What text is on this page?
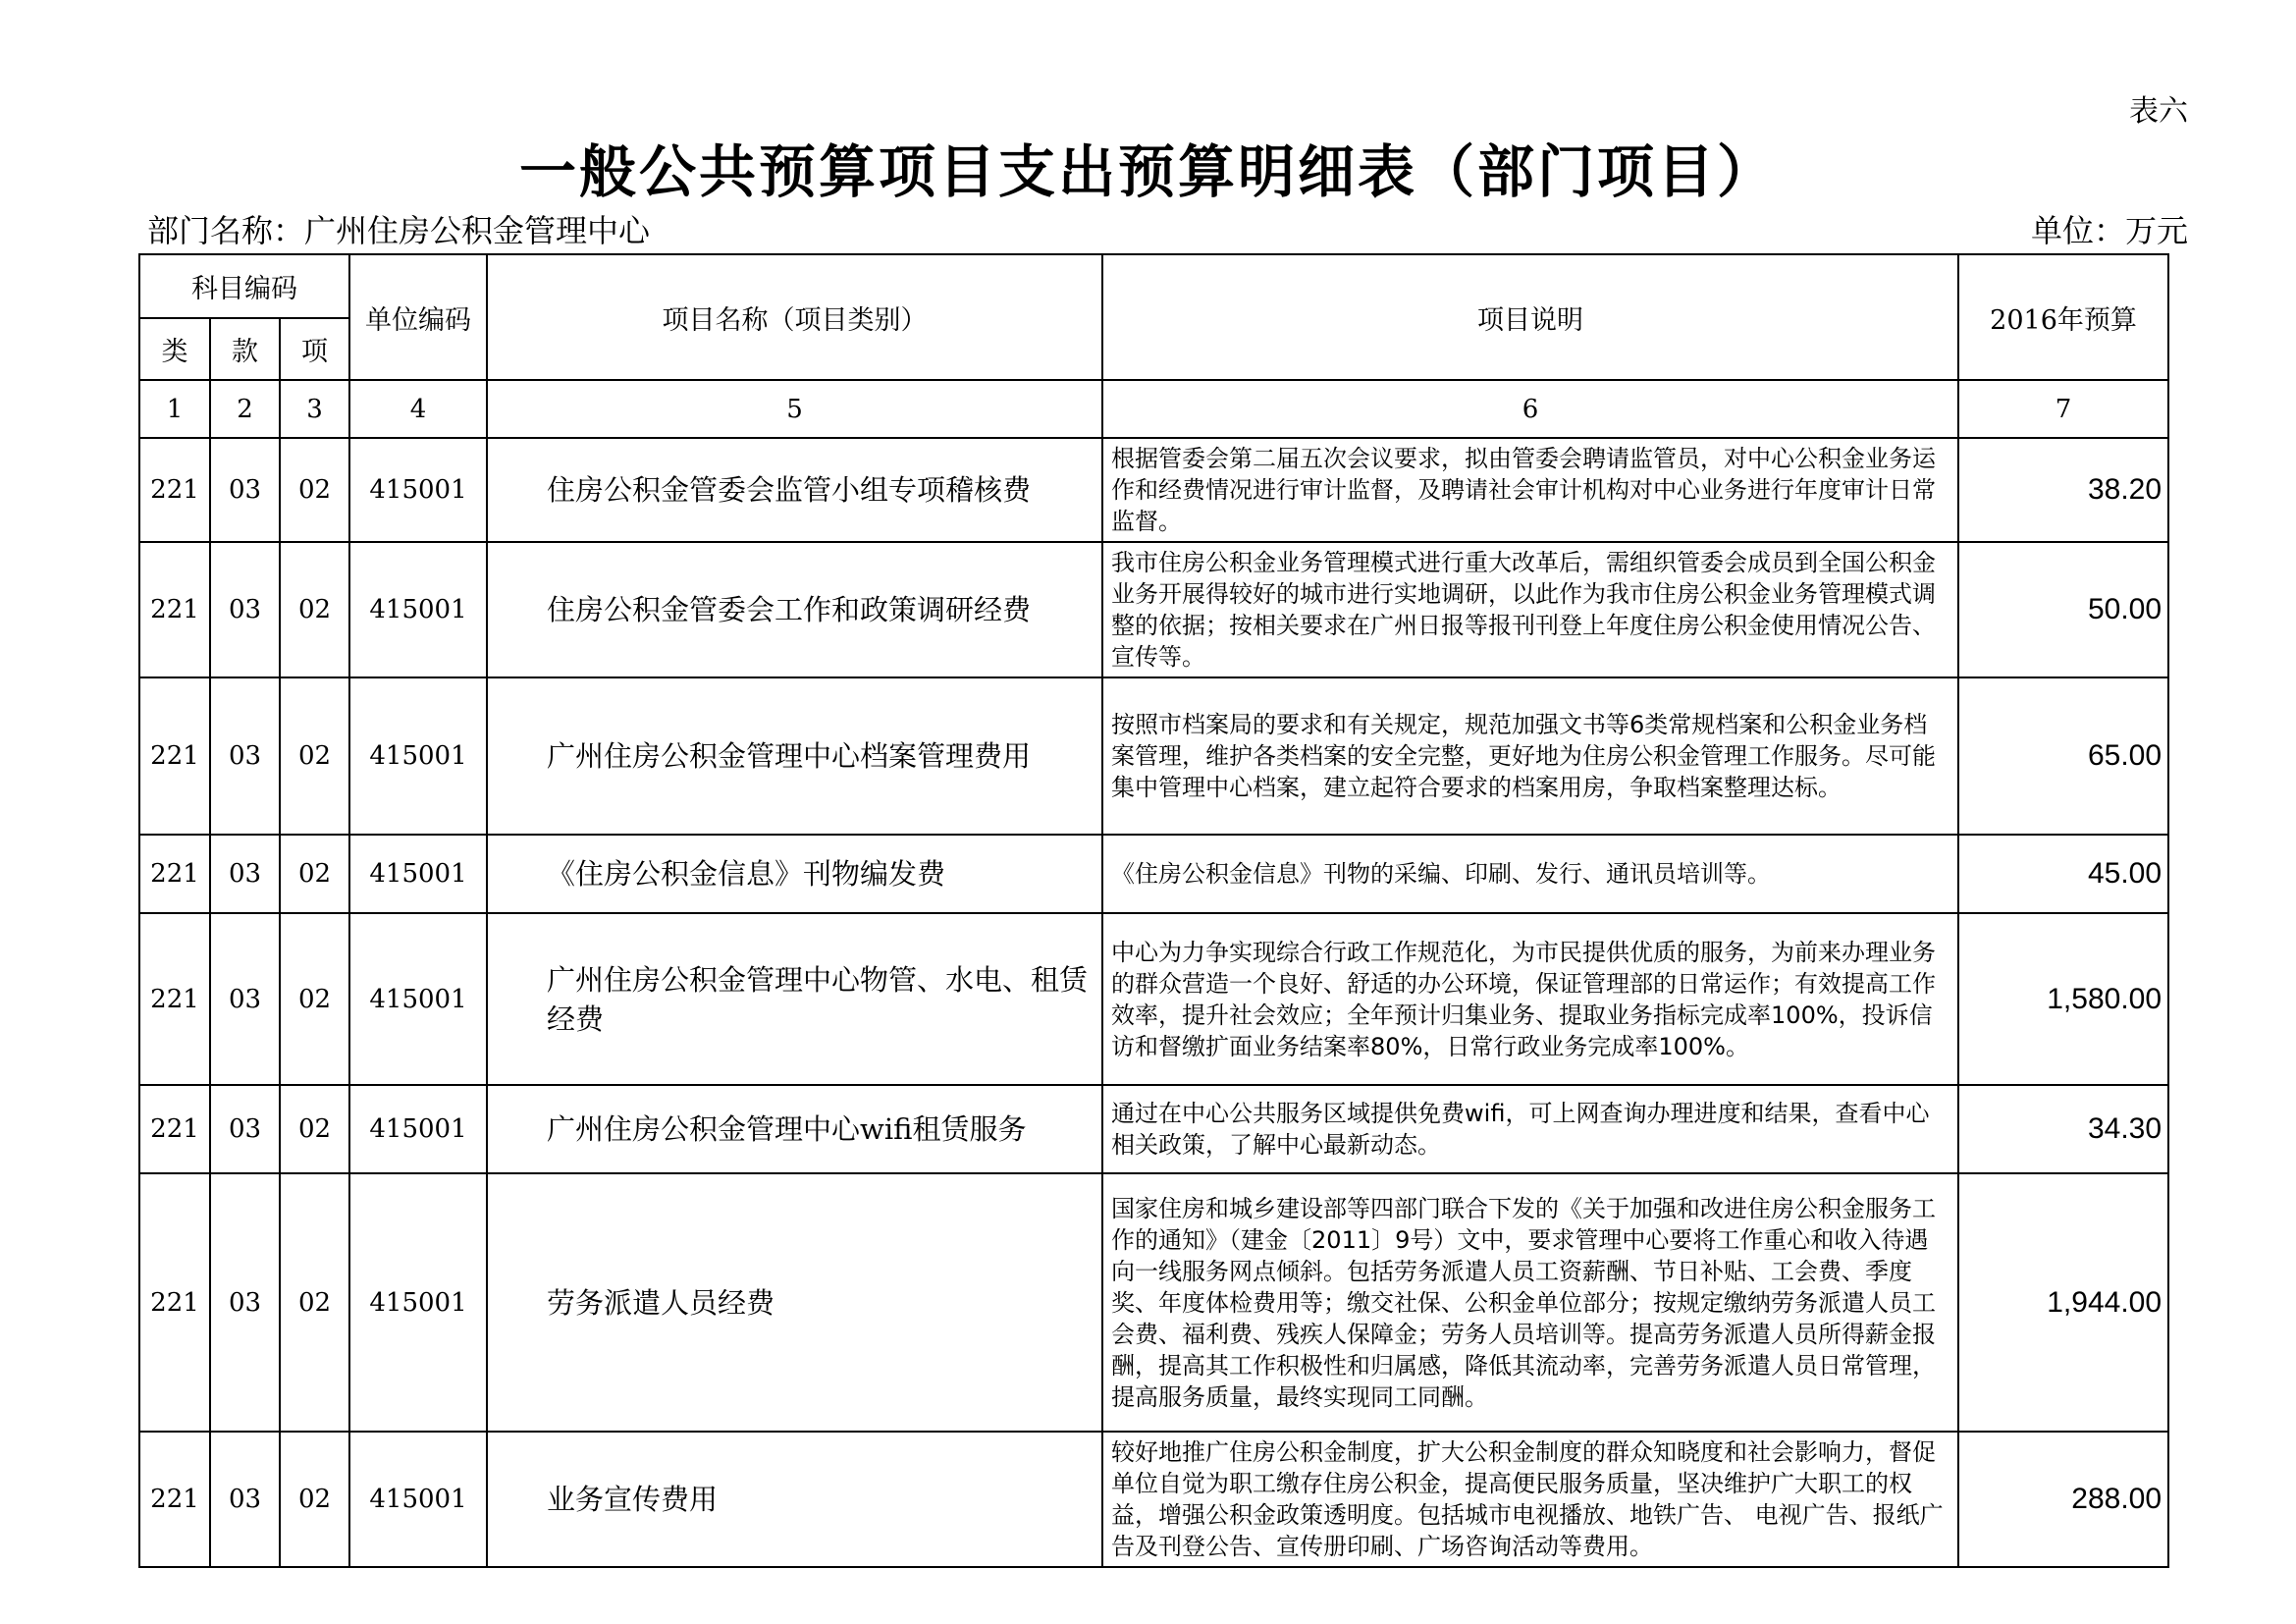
表六
一般公共预算项目支出预算明细表（部门项目）
部门名称：广州住房公积金管理中心	单位：万元
科目编码			单位编码	项目名称（项目类别）	项目说明	2016年预算
类	款	项				
1	2	3	4	5	6	7
221	03	02	415001	住房公积金管委会监管小组专项稽核费	根据管委会第二届五次会议要求，拟由管委会聘请监管员，对中心公积金业务运作和经费情况进行审计监督，及聘请社会审计机构对中心业务进行年度审计日常监督。	38.20
221	03	02	415001	住房公积金管委会工作和政策调研经费	我市住房公积金业务管理模式进行重大改革后，需组织管委会成员到全国公积金业务开展得较好的城市进行实地调研，以此作为我市住房公积金业务管理模式调整的依据；按相关要求在广州日报等报刊刊登上年度住房公积金使用情况公告、宣传等。	50.00
221	03	02	415001	广州住房公积金管理中心档案管理费用	按照市档案局的要求和有关规定，规范加强文书等6类常规档案和公积金业务档案管理，维护各类档案的安全完整，更好地为住房公积金管理工作服务。尽可能集中管理中心档案，建立起符合要求的档案用房，争取档案整理达标。	65.00
221	03	02	415001	《住房公积金信息》刊物编发费	《住房公积金信息》刊物的采编、印刷、发行、通讯员培训等。	45.00
221	03	02	415001	广州住房公积金管理中心物管、水电、租赁经费	中心为力争实现综合行政工作规范化，为市民提供优质的服务，为前来办理业务的群众营造一个良好、舒适的办公环境，保证管理部的日常运作；有效提高工作效率，提升社会效应；全年预计归集业务、提取业务指标完成率100%，投诉信访和督缴扩面业务结案率80%，日常行政业务完成率100%。	1,580.00
221	03	02	415001	广州住房公积金管理中心wifi租赁服务	通过在中心公共服务区域提供免费wifi，可上网查询办理进度和结果，查看中心相关政策，了解中心最新动态。	34.30
221	03	02	415001	劳务派遣人员经费	国家住房和城乡建设部等四部门联合下发的《关于加强和改进住房公积金服务工作的通知》（建金〔2011〕9号）文中，要求管理中心要将工作重心和收入待遇向一线服务网点倾斜。包括劳务派遣人员工资薪酬、节日补贴、工会费、季度奖、年度体检费用等；缴交社保、公积金单位部分；按规定缴纳劳务派遣人员工会费、福利费、残疾人保障金；劳务人员培训等。提高劳务派遣人员所得薪金报酬，提高其工作积极性和归属感，降低其流动率，完善劳务派遣人员日常管理，提高服务质量，最终实现同工同酬。	1,944.00
221	03	02	415001	业务宣传费用	较好地推广住房公积金制度，扩大公积金制度的群众知晓度和社会影响力，督促单位自觉为职工缴存住房公积金，提高便民服务质量，坚决维护广大职工的权益，增强公积金政策透明度。包括城市电视播放、地铁广告、 电视广告、报纸广告及刊登公告、宣传册印刷、广场咨询活动等费用。	288.00
